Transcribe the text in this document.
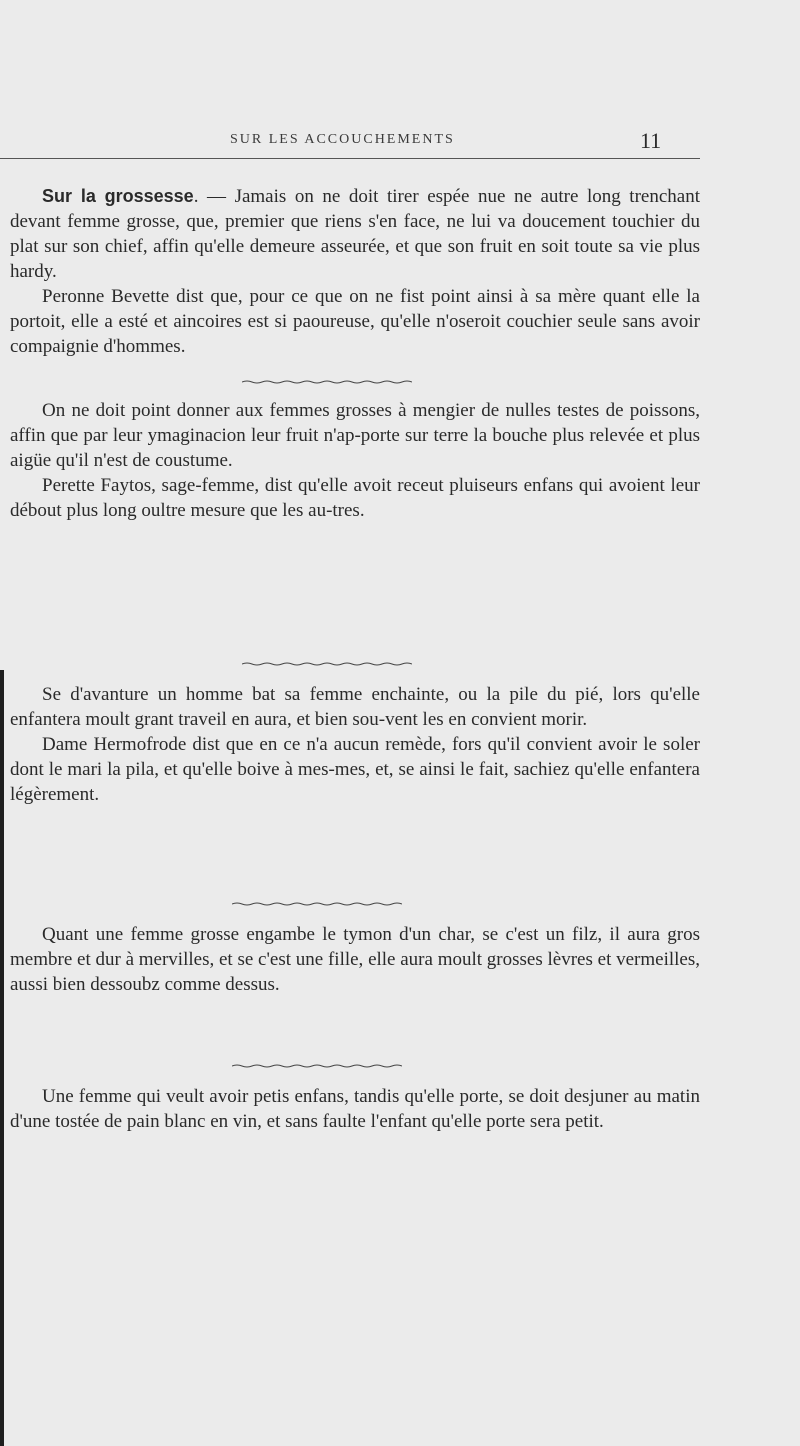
SUR LES ACCOUCHEMENTS	11

Sur la grossesse. — Jamais on ne doit tirer espée nue ne autre long trenchant devant femme grosse, que, premier que riens s'en face, ne lui va doucement touchier du plat sur son chief, affin qu'elle demeure asseurée, et que son fruit en soit toute sa vie plus hardy.

Peronne Bevette dist que, pour ce que on ne fist point ainsi à sa mère quant elle la portoit, elle a esté et aincoires est si paoureuse, qu'elle n'oseroit couchier seule sans avoir compaignie d'hommes.

On ne doit point donner aux femmes grosses à mengier de nulles testes de poissons, affin que par leur ymaginacion leur fruit n'ap-porte sur terre la bouche plus relevée et plus aigüe qu'il n'est de coustume.

Perette Faytos, sage-femme, dist qu'elle avoit receut pluiseurs enfans qui avoient leur débout plus long oultre mesure que les au-tres.

Se d'avanture un homme bat sa femme enchainte, ou la pile du pié, lors qu'elle enfantera moult grant traveil en aura, et bien sou-vent les en convient morir.

Dame Hermofrode dist que en ce n'a aucun remède, fors qu'il convient avoir le soler dont le mari la pila, et qu'elle boive à mes-mes, et, se ainsi le fait, sachiez qu'elle enfantera légèrement.

Quant une femme grosse engambe le tymon d'un char, se c'est un filz, il aura gros membre et dur à mervilles, et se c'est une fille, elle aura moult grosses lèvres et vermeilles, aussi bien dessoubz comme dessus.

Une femme qui veult avoir petis enfans, tandis qu'elle porte, se doit desjuner au matin d'une tostée de pain blanc en vin, et sans faulte l'enfant qu'elle porte sera petit.
